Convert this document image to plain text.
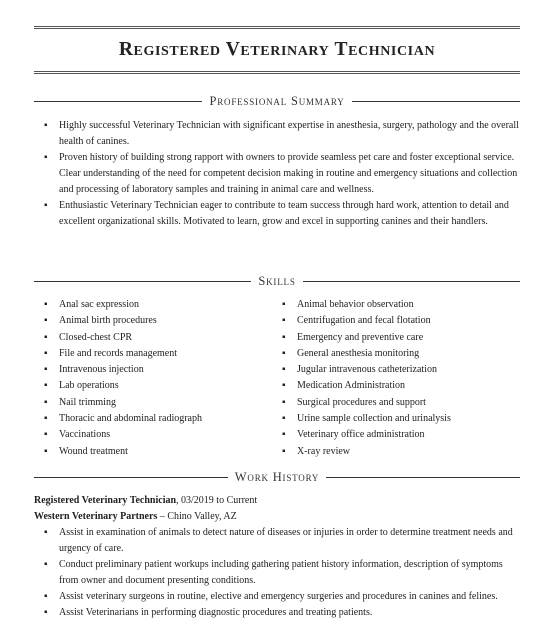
Registered Veterinary Technician
Professional Summary
▪ Highly successful Veterinary Technician with significant expertise in anesthesia, surgery, pathology and the overall health of canines.
▪ Proven history of building strong rapport with owners to provide seamless pet care and foster exceptional service. Clear understanding of the need for competent decision making in routine and emergency situations and collection and processing of laboratory samples and training in animal care and wellness.
▪ Enthusiastic Veterinary Technician eager to contribute to team success through hard work, attention to detail and excellent organizational skills. Motivated to learn, grow and excel in supporting canines and their handlers.
Skills
▪ Anal sac expression
▪ Animal birth procedures
▪ Closed-chest CPR
▪ File and records management
▪ Intravenous injection
▪ Lab operations
▪ Nail trimming
▪ Thoracic and abdominal radiograph
▪ Vaccinations
▪ Wound treatment
▪ Animal behavior observation
▪ Centrifugation and fecal flotation
▪ Emergency and preventive care
▪ General anesthesia monitoring
▪ Jugular intravenous catheterization
▪ Medication Administration
▪ Surgical procedures and support
▪ Urine sample collection and urinalysis
▪ Veterinary office administration
▪ X-ray review
Work History
Registered Veterinary Technician, 03/2019 to Current
Western Veterinary Partners – Chino Valley, AZ
▪ Assist in examination of animals to detect nature of diseases or injuries in order to determine treatment needs and urgency of care.
▪ Conduct preliminary patient workups including gathering patient history information, description of symptoms from owner and document presenting conditions.
▪ Assist veterinary surgeons in routine, elective and emergency surgeries and procedures in canines and felines.
▪ Assist Veterinarians in performing diagnostic procedures and treating patients.
